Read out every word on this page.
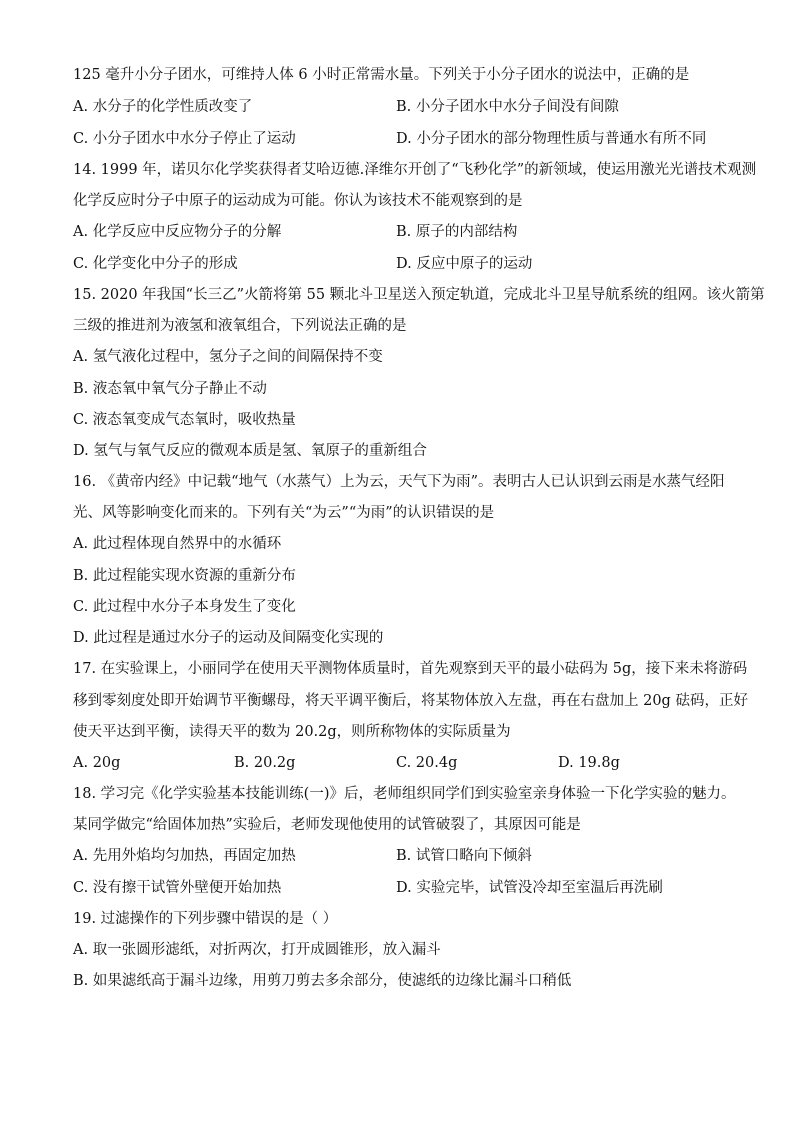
125 毫升小分子团水，可维持人体 6 小时正常需水量。下列关于小分子团水的说法中，正确的是
A. 水分子的化学性质改变了	B. 小分子团水中水分子间没有间隙
C. 小分子团水中水分子停止了运动	D. 小分子团水的部分物理性质与普通水有所不同
14. 1999 年，诺贝尔化学奖获得者艾哈迈德.泽维尔开创了“飞秒化学”的新领域，使运用激光光谱技术观测
化学反应时分子中原子的运动成为可能。你认为该技术不能观察到的是
A. 化学反应中反应物分子的分解	B. 原子的内部结构
C. 化学变化中分子的形成	D. 反应中原子的运动
15. 2020 年我国“长三乙”火箭将第 55 颗北斗卫星送入预定轨道，完成北斗卫星导航系统的组网。该火箭第
三级的推进剂为液氢和液氧组合，下列说法正确的是
A. 氢气液化过程中，氢分子之间的间隔保持不变
B. 液态氧中氧气分子静止不动
C. 液态氧变成气态氧时，吸收热量
D. 氢气与氧气反应的微观本质是氢、氧原子的重新组合
16. 《黄帝内经》中记载“地气（水蒸气）上为云，天气下为雨”。表明古人已认识到云雨是水蒸气经阳
光、风等影响变化而来的。下列有关“为云”“为雨”的认识错误的是
A. 此过程体现自然界中的水循环
B. 此过程能实现水资源的重新分布
C. 此过程中水分子本身发生了变化
D. 此过程是通过水分子的运动及间隔变化实现的
17. 在实验课上，小丽同学在使用天平测物体质量时，首先观察到天平的最小砝码为 5g，接下来未将游码
移到零刻度处即开始调节平衡螺母，将天平调平衡后，将某物体放入左盘，再在右盘加上 20g 砝码，正好
使天平达到平衡，读得天平的数为 20.2g，则所称物体的实际质量为
A. 20g	B. 20.2g	C. 20.4g	D. 19.8g
18. 学习完《化学实验基本技能训练(一)》后，老师组织同学们到实验室亲身体验一下化学实验的魅力。
某同学做完“给固体加热”实验后，老师发现他使用的试管破裂了，其原因可能是
A. 先用外焰均匀加热，再固定加热	B. 试管口略向下倾斜
C. 没有擦干试管外壁便开始加热	D. 实验完毕，试管没冷却至室温后再洗刷
19. 过滤操作的下列步骤中错误的是（ ）
A. 取一张圆形滤纸，对折两次，打开成圆锥形，放入漏斗
B. 如果滤纸高于漏斗边缘，用剪刀剪去多余部分，使滤纸的边缘比漏斗口稍低
